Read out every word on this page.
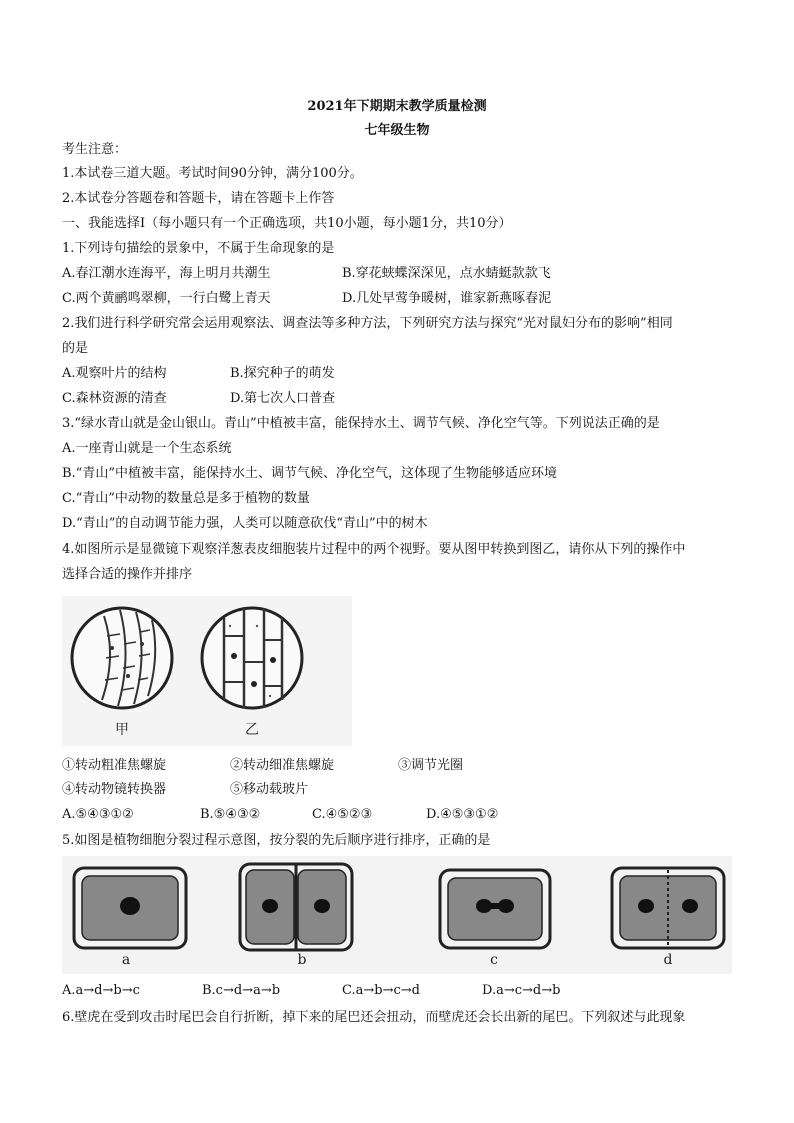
2021年下期期末教学质量检测
七年级生物
考生注意：
1.本试卷三道大题。考试时间90分钟，满分100分。
2.本试卷分答题卷和答题卡，请在答题卡上作答
一、我能选择Ⅰ（每小题只有一个正确选项，共10小题，每小题1分，共10分）
1.下列诗句描绘的景象中，不属于生命现象的是
A.春江潮水连海平，海上明月共潮生	B.穿花蛱蝶深深见，点水蜻蜓款款飞
C.两个黄鹂鸣翠柳，一行白鹭上青天	D.几处早莺争暖树，谁家新燕啄春泥
2.我们进行科学研究常会运用观察法、调查法等多种方法，下列研究方法与探究“光对鼠妇分布的影响”相同
的是
A.观察叶片的结构	B.探究种子的萌发
C.森林资源的清查	D.第七次人口普查
3.“绿水青山就是金山银山。青山”中植被丰富，能保持水土、调节气候、净化空气等。下列说法正确的是
A.一座青山就是一个生态系统
B.“青山”中植被丰富，能保持水土、调节气候、净化空气，这体现了生物能够适应环境
C.“青山”中动物的数量总是多于植物的数量
D.“青山”的自动调节能力强，人类可以随意砍伐“青山”中的树木
4.如图所示是显微镜下观察洋葱表皮细胞装片过程中的两个视野。要从图甲转换到图乙，请你从下列的操作中
选择合适的操作并排序
甲	乙
①转动粗准焦螺旋	②转动细准焦螺旋	③调节光圈
④转动物镜转换器	⑤移动载玻片
A.⑤④③①②	B.⑤④③②	C.④⑤②③	D.④⑤③①②
5.如图是植物细胞分裂过程示意图，按分裂的先后顺序进行排序，正确的是
a	b	c	d
A.a→d→b→c	B.c→d→a→b	C.a→b→c→d	D.a→c→d→b
6.壁虎在受到攻击时尾巴会自行折断，掉下来的尾巴还会扭动，而壁虎还会长出新的尾巴。下列叙述与此现象
